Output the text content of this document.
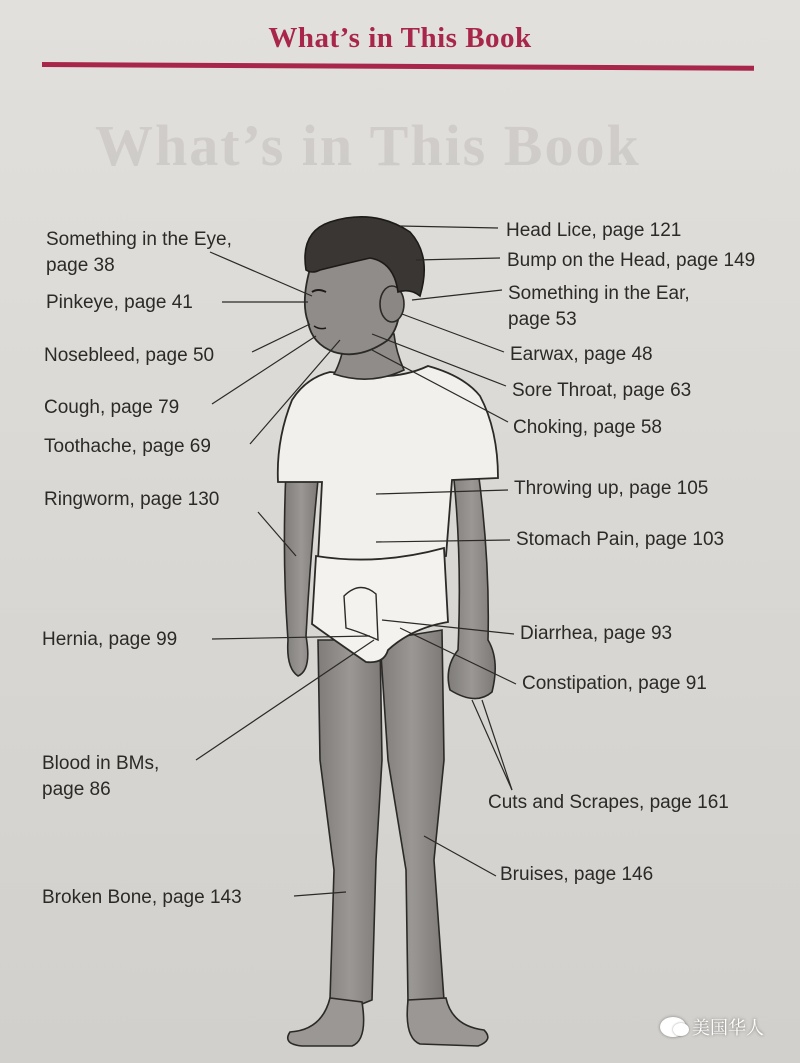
What’s in This Book
What’s in This Book
Something in the Eye,
page 38
Pinkeye, page 41
Nosebleed, page 50
Cough, page 79
Toothache, page 69
Ringworm, page 130
Hernia, page 99
Blood in BMs,
page 86
Broken Bone, page 143
Head Lice, page 121
Bump on the Head, page 149
Something in the Ear,
page 53
Earwax, page 48
Sore Throat, page 63
Choking, page 58
Throwing up, page 105
Stomach Pain, page 103
Diarrhea, page 93
Constipation, page 91
Cuts and Scrapes, page 161
Bruises, page 146
美国华人
